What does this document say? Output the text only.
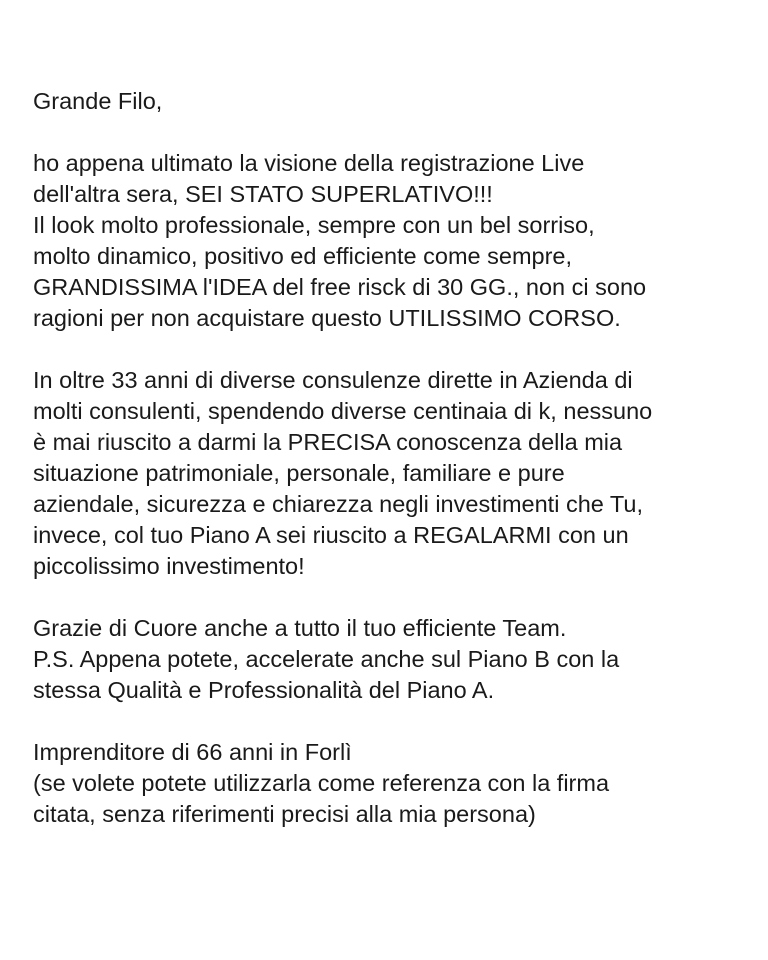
Grande Filo,
ho appena ultimato la visione della registrazione Live
dell'altra sera, SEI STATO SUPERLATIVO!!!
Il look molto professionale, sempre con un bel sorriso,
molto dinamico, positivo ed efficiente come sempre,
GRANDISSIMA l'IDEA del free risck di 30 GG., non ci sono
ragioni per non acquistare questo UTILISSIMO CORSO.
In oltre 33 anni di diverse consulenze dirette in Azienda di
molti consulenti, spendendo diverse centinaia di k, nessuno
è mai riuscito a darmi la PRECISA conoscenza della mia
situazione patrimoniale, personale, familiare e pure
aziendale, sicurezza e chiarezza negli investimenti che Tu,
invece, col tuo Piano A sei riuscito a REGALARMI con un
piccolissimo investimento!
Grazie di Cuore anche a tutto il tuo efficiente Team.
P.S. Appena potete, accelerate anche sul Piano B con la
stessa Qualità e Professionalità del Piano A.
Imprenditore di 66 anni in Forlì
(se volete potete utilizzarla come referenza con la firma
citata, senza riferimenti precisi alla mia persona)
